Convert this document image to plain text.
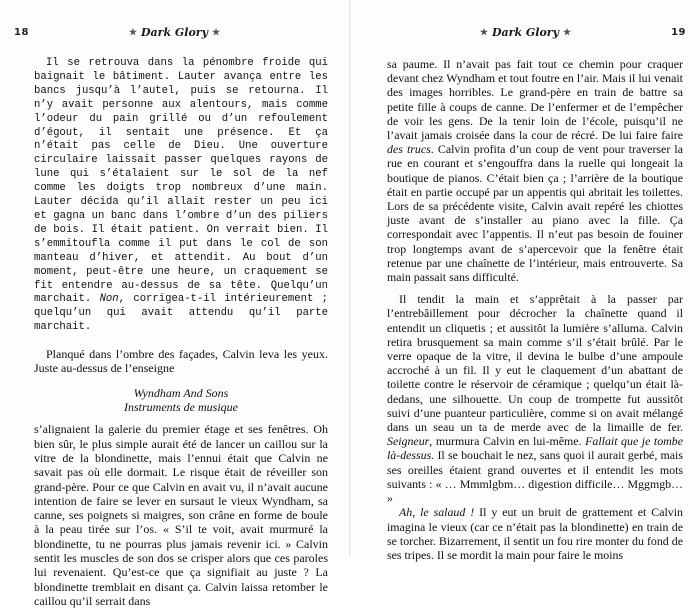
18	★ Dark Glory ★

Il se retrouva dans la pénombre froide qui baignait le bâtiment. Lauter avança entre les bancs jusqu’à l’autel, puis se retourna. Il n’y avait personne aux alentours, mais comme l’odeur du pain grillé ou d’un refoulement d’égout, il sentait une présence. Et ça n’était pas celle de Dieu. Une ouverture circulaire laissait passer quelques rayons de lune qui s’étalaient sur le sol de la nef comme les doigts trop nombreux d’une main. Lauter décida qu’il allait rester un peu ici et gagna un banc dans l’ombre d’un des piliers de bois. Il était patient. On verrait bien. Il s’emmitoufla comme il put dans le col de son manteau d’hiver, et attendit. Au bout d’un moment, peut-être une heure, un craquement se fit entendre au-dessus de sa tête. Quelqu’un marchait. Non, corrigea-t-il intérieurement ; quelqu’un qui avait attendu qu’il parte marchait.

Planqué dans l’ombre des façades, Calvin leva les yeux. Juste au-dessus de l’enseigne

Wyndham And Sons
Instruments de musique

s’alignaient la galerie du premier étage et ses fenêtres. Oh bien sûr, le plus simple aurait été de lancer un caillou sur la vitre de la blondinette, mais l’ennui était que Calvin ne savait pas où elle dormait. Le risque était de réveiller son grand-père. Pour ce que Calvin en avait vu, il n’avait aucune intention de faire se lever en sursaut le vieux Wyndham, sa canne, ses poignets si maigres, son crâne en forme de boule à la peau tirée sur l’os. « S’il te voit, avait murmuré la blondinette, tu ne pourras plus jamais revenir ici. » Calvin sentit les muscles de son dos se crisper alors que ces paroles lui revenaient. Qu’est-ce que ça signifiait au juste ? La blondinette tremblait en disant ça. Calvin laissa retomber le caillou qu’il serrait dans

★ Dark Glory ★	19

sa paume. Il n’avait pas fait tout ce chemin pour craquer devant chez Wyndham et tout foutre en l’air. Mais il lui venait des images horribles. Le grand-père en train de battre sa petite fille à coups de canne. De l’enfermer et de l’empêcher de voir les gens. De la tenir loin de l’école, puisqu’il ne l’avait jamais croisée dans la cour de récré. De lui faire faire des trucs. Calvin profita d’un coup de vent pour traverser la rue en courant et s’engouffra dans la ruelle qui longeait la boutique de pianos. C’était bien ça ; l’arrière de la boutique était en partie occupé par un appentis qui abritait les toilettes. Lors de sa précédente visite, Calvin avait repéré les chiottes juste avant de s’installer au piano avec la fille. Ça correspondait avec l’appentis. Il n’eut pas besoin de fouiner trop longtemps avant de s’apercevoir que la fenêtre était retenue par une chaînette de l’intérieur, mais entrouverte. Sa main passait sans difficulté.

Il tendit la main et s’apprêtait à la passer par l’entrebâillement pour décrocher la chaînette quand il entendit un cliquetis ; et aussitôt la lumière s’alluma. Calvin retira brusquement sa main comme s’il s’était brûlé. Par le verre opaque de la vitre, il devina le bulbe d’une ampoule accroché à un fil. Il y eut le claquement d’un abattant de toilette contre le réservoir de céramique ; quelqu’un était là-dedans, une silhouette. Un coup de trompette fut aussitôt suivi d’une puanteur particulière, comme si on avait mélangé dans un seau un ta de merde avec de la limaille de fer. Seigneur, murmura Calvin en lui-même. Fallait que je tombe là-dessus. Il se bouchait le nez, sans quoi il aurait gerbé, mais ses oreilles étaient grand ouvertes et il entendit les mots suivants : « … Mmmlgbm… digestion difficile… Mggmgb… »

Ah, le salaud ! Il y eut un bruit de grattement et Calvin imagina le vieux (car ce n’était pas la blondinette) en train de se torcher. Bizarrement, il sentit un fou rire monter du fond de ses tripes. Il se mordit la main pour faire le moins
